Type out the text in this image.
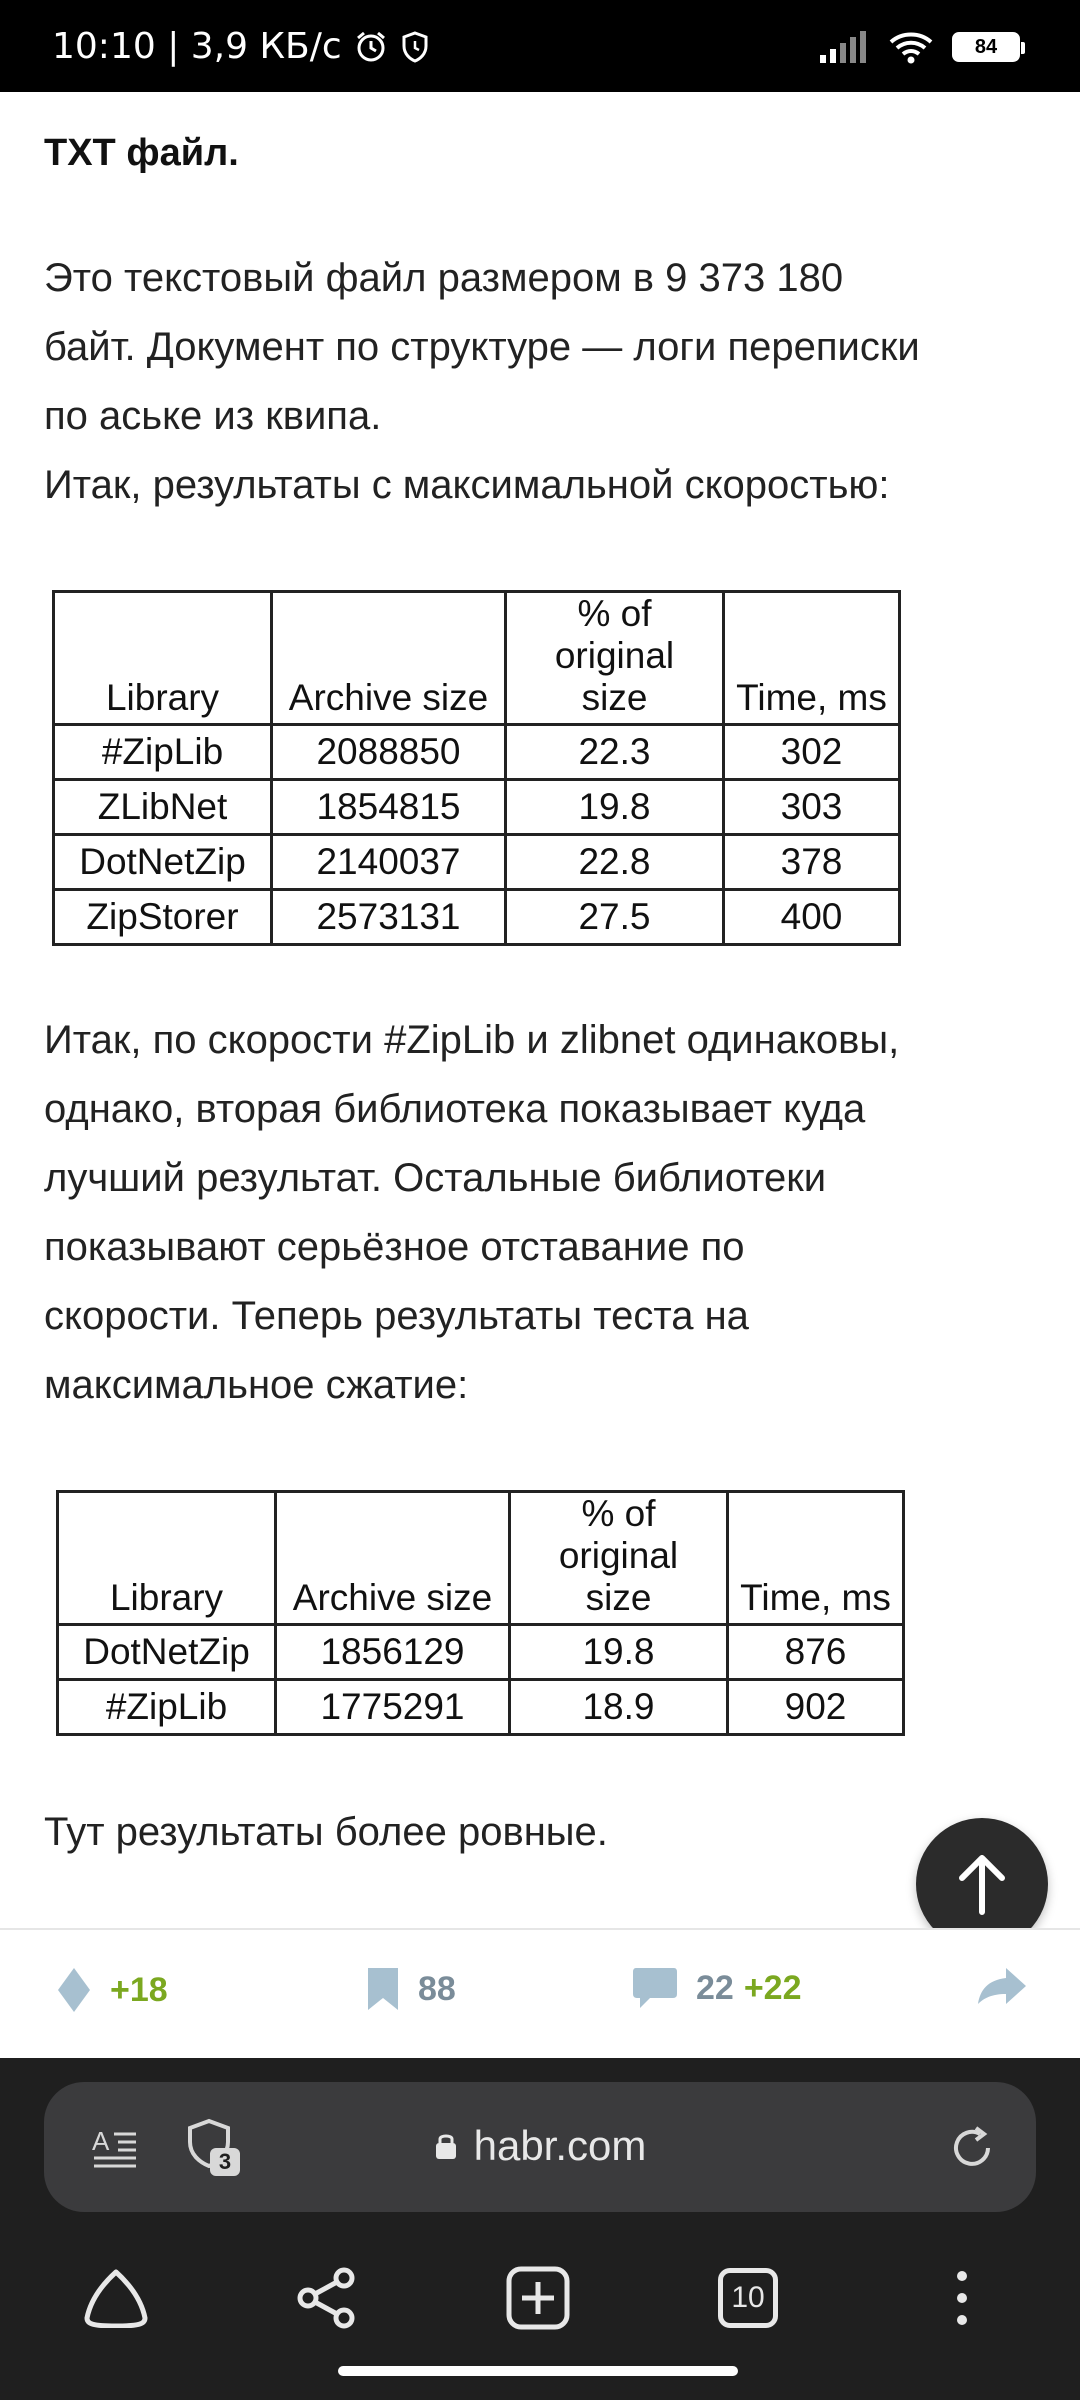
10:10 | 3,9 КБ/с	84
TXT файл.
Это текстовый файл размером в 9 373 180
байт. Документ по структуре — логи переписки
по аське из квипа.
Итак, результаты с максимальной скоростью:
Library	Archive size	% of original size	Time, ms
#ZipLib	2088850	22.3	302
ZLibNet	1854815	19.8	303
DotNetZip	2140037	22.8	378
ZipStorer	2573131	27.5	400
Итак, по скорости #ZipLib и zlibnet одинаковы,
однако, вторая библиотека показывает куда
лучший результат. Остальные библиотеки
показывают серьёзное отставание по
скорости. Теперь результаты теста на
максимальное сжатие:
Library	Archive size	% of original size	Time, ms
DotNetZip	1856129	19.8	876
#ZipLib	1775291	18.9	902
Тут результаты более ровные.
+18	88	22 +22
A
3	habr.com
10
